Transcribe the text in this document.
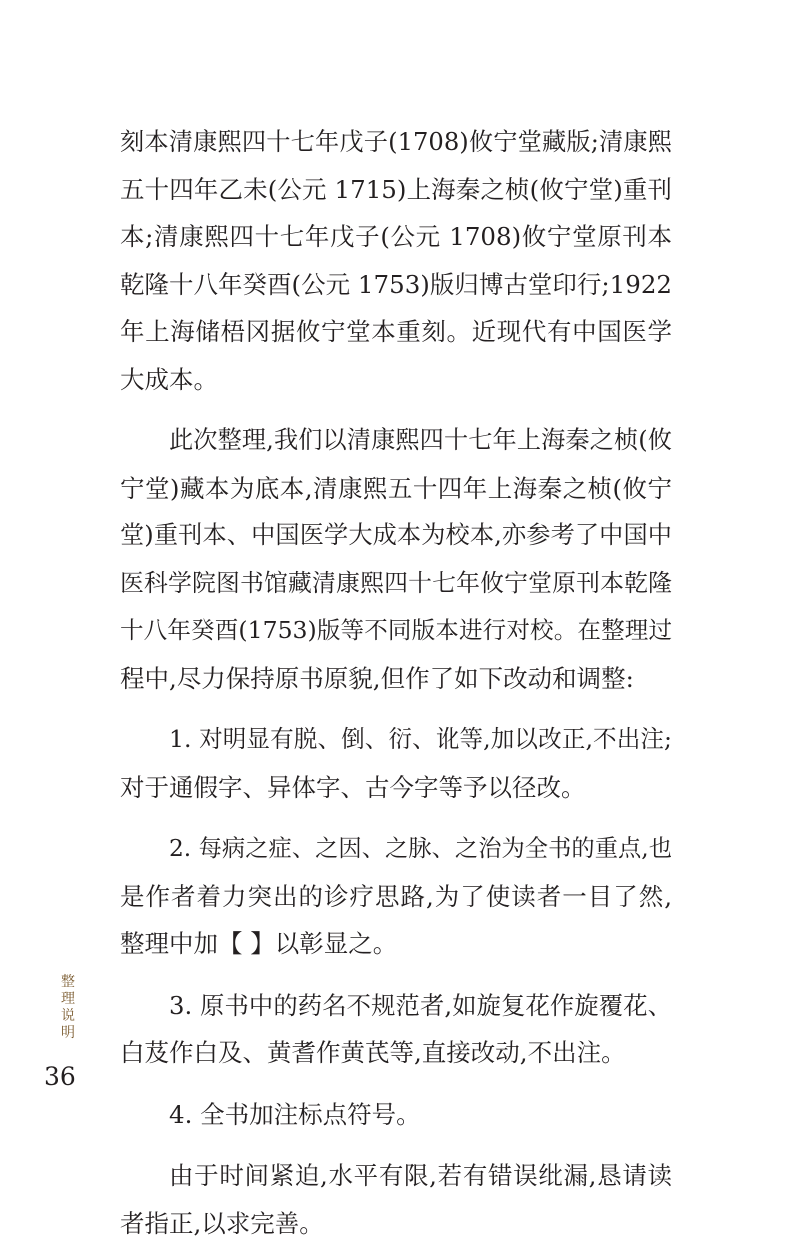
刻本清康熙四十七年戊子(1708)攸宁堂藏版;清康熙
五十四年乙未(公元 1715)上海秦之桢(攸宁堂)重刊
本;清康熙四十七年戊子(公元 1708)攸宁堂原刊本
乾隆十八年癸酉(公元 1753)版归博古堂印行;1922
年上海储梧冈据攸宁堂本重刻。近现代有中国医学
大成本。
此次整理,我们以清康熙四十七年上海秦之桢(攸
宁堂)藏本为底本,清康熙五十四年上海秦之桢(攸宁
堂)重刊本、中国医学大成本为校本,亦参考了中国中
医科学院图书馆藏清康熙四十七年攸宁堂原刊本乾隆
十八年癸酉(1753)版等不同版本进行对校。在整理过
程中,尽力保持原书原貌,但作了如下改动和调整:
1. 对明显有脱、倒、衍、讹等,加以改正,不出注;
对于通假字、异体字、古今字等予以径改。
2. 每病之症、之因、之脉、之治为全书的重点,也
是作者着力突出的诊疗思路,为了使读者一目了然,
整理中加【 】以彰显之。
3. 原书中的药名不规范者,如旋复花作旋覆花、
白芨作白及、黄耆作黄芪等,直接改动,不出注。
4. 全书加注标点符号。
由于时间紧迫,水平有限,若有错误纰漏,恳请读
者指正,以求完善。
整理说明
36
